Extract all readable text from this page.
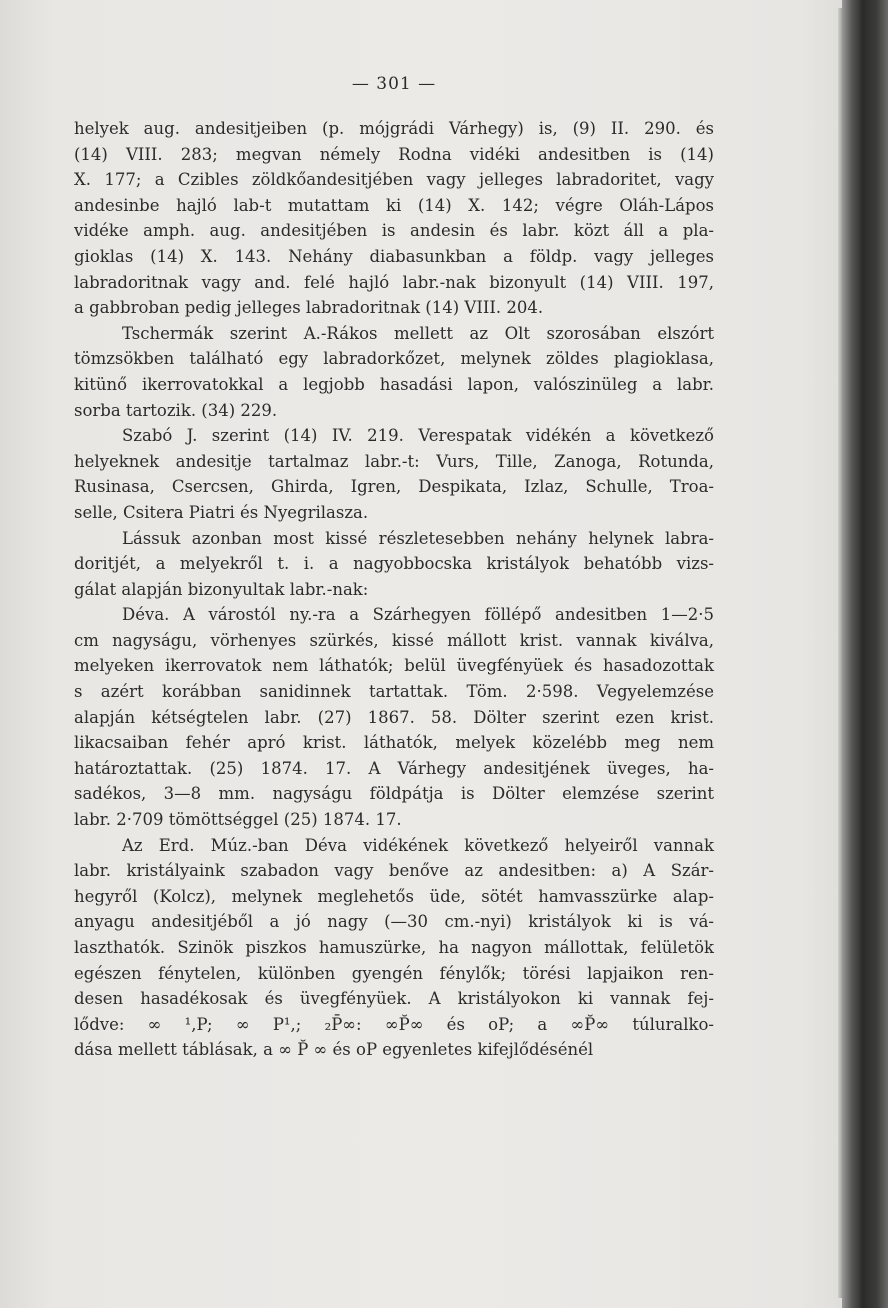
— 301 —
helyek aug. andesitjeiben (p. mójgrádi Várhegy) is, (9) II. 290. és
(14) VIII. 283; megvan némely Rodna vidéki andesitben is (14)
X. 177; a Czibles zöldkőandesitjében vagy jelleges labradoritet, vagy
andesinbe hajló lab-t mutattam ki (14) X. 142; végre Oláh-Lápos
vidéke amph. aug. andesitjében is andesin és labr. közt áll a pla-
gioklas (14) X. 143. Nehány diabasunkban a földp. vagy jelleges
labradoritnak vagy and. felé hajló labr.-nak bizonyult (14) VIII. 197,
a gabbroban pedig jelleges labradoritnak (14) VIII. 204.
Tschermák szerint A.-Rákos mellett az Olt szorosában elszórt
tömzsökben található egy labradorkőzet, melynek zöldes plagioklasa,
kitünő ikerrovatokkal a legjobb hasadási lapon, valószinüleg a labr.
sorba tartozik. (34) 229.
Szabó J. szerint (14) IV. 219. Verespatak vidékén a következő
helyeknek andesitje tartalmaz labr.-t: Vurs, Tille, Zanoga, Rotunda,
Rusinasa, Csercsen, Ghirda, Igren, Despikata, Izlaz, Schulle, Troa-
selle, Csitera Piatri és Nyegrilasza.
Lássuk azonban most kissé részletesebben nehány helynek labra-
doritjét, a melyekről t. i. a nagyobbocska kristályok behatóbb vizs-
gálat alapján bizonyultak labr.-nak:
Déva. A várostól ny.-ra a Szárhegyen föllépő andesitben 1—2·5
cm nagyságu, vörhenyes szürkés, kissé mállott krist. vannak kiválva,
melyeken ikerrovatok nem láthatók; belül üvegfényüek és hasadozottak
s azért korábban sanidinnek tartattak. Töm. 2·598. Vegyelemzése
alapján kétségtelen labr. (27) 1867. 58. Dölter szerint ezen krist.
likacsaiban fehér apró krist. láthatók, melyek közelébb meg nem
határoztattak. (25) 1874. 17. A Várhegy andesitjének üveges, ha-
sadékos, 3—8 mm. nagyságu földpátja is Dölter elemzése szerint
labr. 2·709 tömöttséggel (25) 1874. 17.
Az Erd. Múz.-ban Déva vidékének következő helyeiről vannak
labr. kristályaink szabadon vagy benőve az andesitben: a) A Szár-
hegyről (Kolcz), melynek meglehetős üde, sötét hamvasszürke alap-
anyagu andesitjéből a jó nagy (—30 cm.-nyi) kristályok ki is vá-
laszthatók. Szinök piszkos hamuszürke, ha nagyon mállottak, felületök
egészen fénytelen, különben gyengén fénylők; törési lapjaikon ren-
desen hasadékosak és üvegfényüek. A kristályokon ki vannak fej-
lődve: ∞ ¹,P; ∞ P¹,; ₂P̄∞: ∞P̆∞ és oP; a ∞P̆∞ túluralko-
dása mellett táblásak, a ∞ P̆ ∞ és oP egyenletes kifejlődésénél
